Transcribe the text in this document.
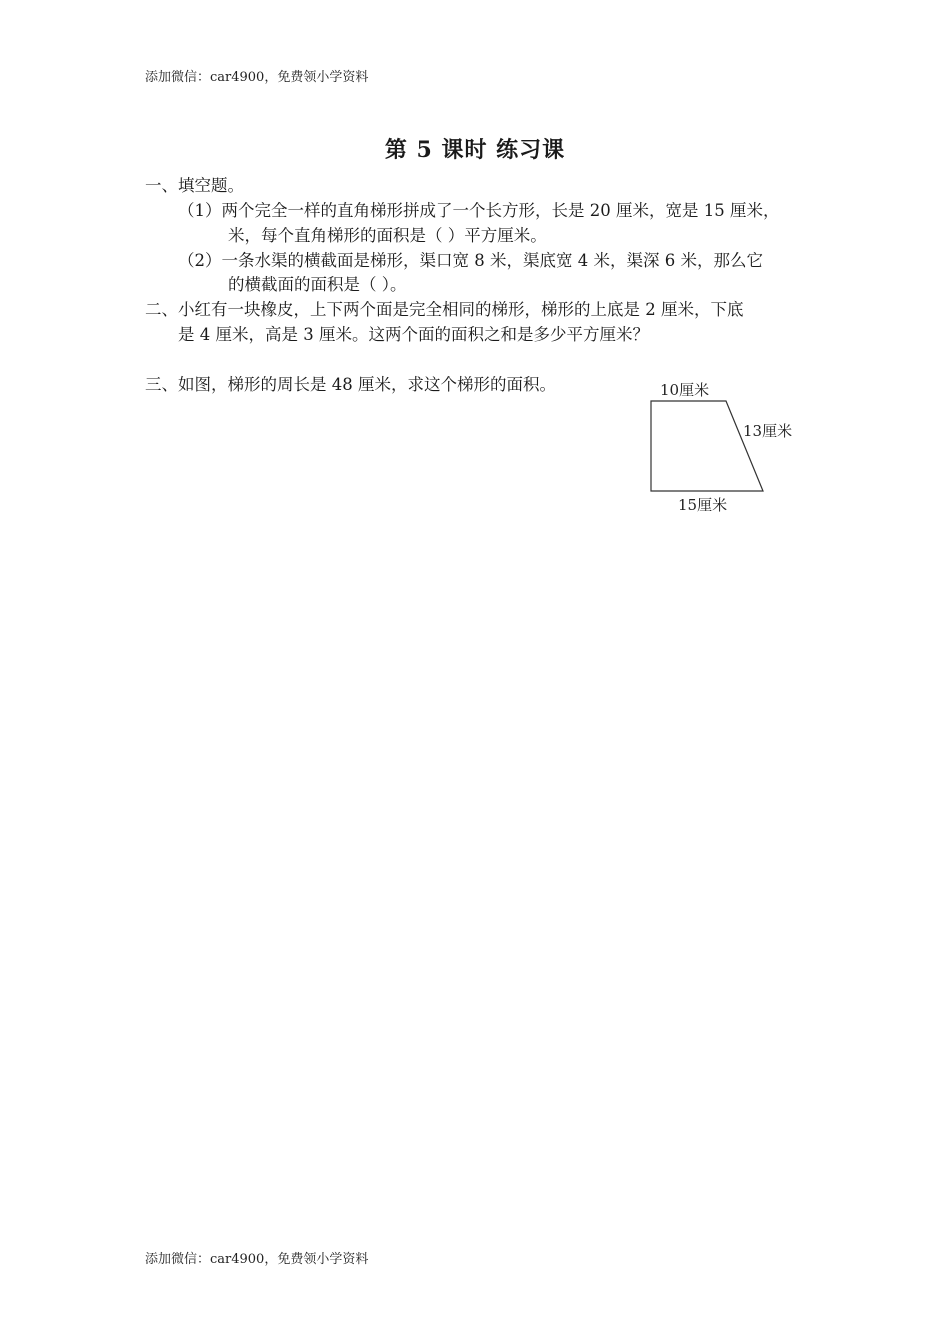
添加微信：car4900，免费领小学资料
第 5 课时 练习课
一、填空题。
（1）两个完全一样的直角梯形拼成了一个长方形，长是 20 厘米，宽是 15 厘米，
米，每个直角梯形的面积是（ ）平方厘米。
（2）一条水渠的横截面是梯形，渠口宽 8 米，渠底宽 4 米，渠深 6 米，那么它
的横截面的面积是（ ）。
二、小红有一块橡皮，上下两个面是完全相同的梯形，梯形的上底是 2 厘米，下底
是 4 厘米，高是 3 厘米。这两个面的面积之和是多少平方厘米？
三、如图，梯形的周长是 48 厘米，求这个梯形的面积。	10厘米
13厘米
15厘米
添加微信：car4900，免费领小学资料
